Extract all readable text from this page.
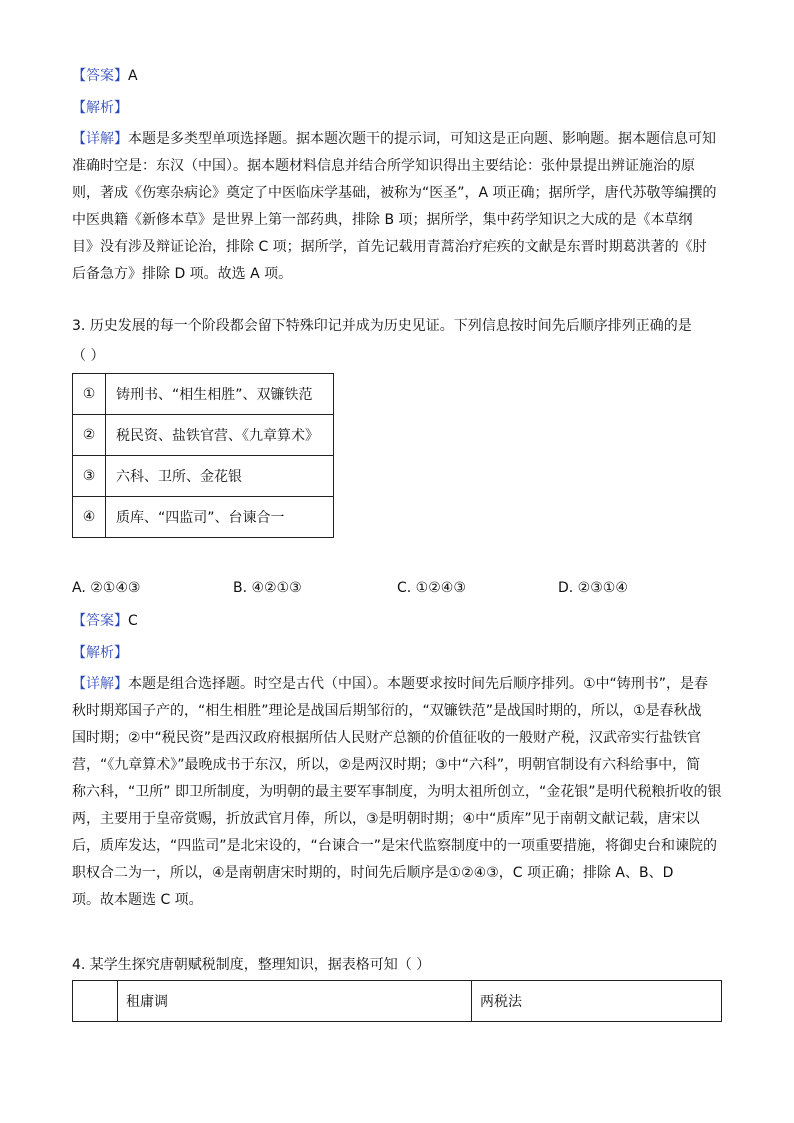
【答案】A
【解析】
【详解】本题是多类型单项选择题。据本题次题干的提示词，可知这是正向题、影响题。据本题信息可知
准确时空是：东汉（中国）。据本题材料信息并结合所学知识得出主要结论：张仲景提出辨证施治的原
则，著成《伤寒杂病论》奠定了中医临床学基础，被称为“医圣”，A 项正确；据所学，唐代苏敬等编撰的
中医典籍《新修本草》是世界上第一部药典，排除 B 项；据所学，集中药学知识之大成的是《本草纲
目》没有涉及辩证论治，排除 C 项；据所学，首先记载用青蒿治疗疟疾的文献是东晋时期葛洪著的《肘
后备急方》排除 D 项。故选 A 项。
3. 历史发展的每一个阶段都会留下特殊印记并成为历史见证。下列信息按时间先后顺序排列正确的是
（ ）
①	铸刑书、“相生相胜”、双镰铁范
②	税民资、盐铁官营、《九章算术》
③	六科、卫所、金花银
④	质库、“四监司”、台谏合一
A. ②①④③	B. ④②①③	C. ①②④③	D. ②③①④
【答案】C
【解析】
【详解】本题是组合选择题。时空是古代（中国）。本题要求按时间先后顺序排列。①中“铸刑书”，是春
秋时期郑国子产的，“相生相胜”理论是战国后期邹衍的，“双镰铁范”是战国时期的，所以，①是春秋战
国时期；②中“税民资”是西汉政府根据所估人民财产总额的价值征收的一般财产税，汉武帝实行盐铁官
营，“《九章算术》”最晚成书于东汉，所以，②是两汉时期；③中“六科”，明朝官制设有六科给事中，简
称六科，“卫所” 即卫所制度，为明朝的最主要军事制度，为明太祖所创立，“金花银”是明代税粮折收的银
两，主要用于皇帝赏赐，折放武官月俸，所以，③是明朝时期；④中“质库”见于南朝文献记载，唐宋以
后，质库发达，“四监司”是北宋设的，“台谏合一”是宋代监察制度中的一项重要措施，将御史台和谏院的
职权合二为一，所以，④是南朝唐宋时期的，时间先后顺序是①②④③，C 项正确；排除 A、B、D
项。故本题选 C 项。
4. 某学生探究唐朝赋税制度，整理知识，据表格可知（ ）
	租庸调	两税法
